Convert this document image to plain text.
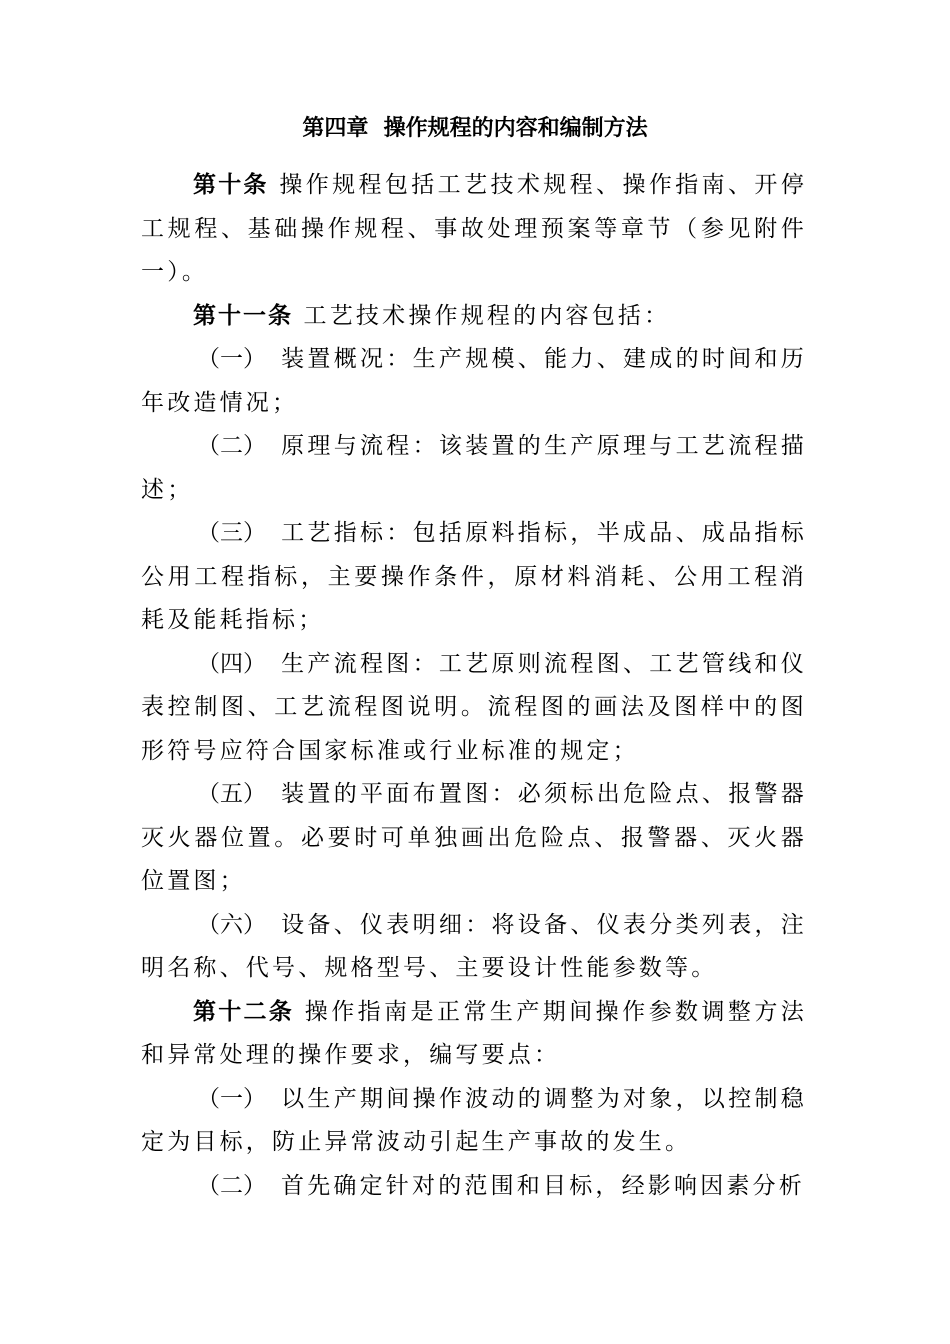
第四章  操作规程的内容和编制方法

第十条 操作规程包括工艺技术规程、操作指南、开停工规程、基础操作规程、事故处理预案等章节（参见附件一）。

第十一条 工艺技术操作规程的内容包括：

（一） 装置概况：生产规模、能力、建成的时间和历年改造情况；

（二） 原理与流程：该装置的生产原理与工艺流程描述；

（三） 工艺指标：包括原料指标，半成品、成品指标公用工程指标，主要操作条件，原材料消耗、公用工程消耗及能耗指标；

（四） 生产流程图：工艺原则流程图、工艺管线和仪表控制图、工艺流程图说明。流程图的画法及图样中的图形符号应符合国家标准或行业标准的规定；

（五） 装置的平面布置图：必须标出危险点、报警器灭火器位置。必要时可单独画出危险点、报警器、灭火器位置图；

（六） 设备、仪表明细：将设备、仪表分类列表，注明名称、代号、规格型号、主要设计性能参数等。

第十二条 操作指南是正常生产期间操作参数调整方法和异常处理的操作要求，编写要点：

（一） 以生产期间操作波动的调整为对象，以控制稳定为目标，防止异常波动引起生产事故的发生。

（二） 首先确定针对的范围和目标，经影响因素分析
